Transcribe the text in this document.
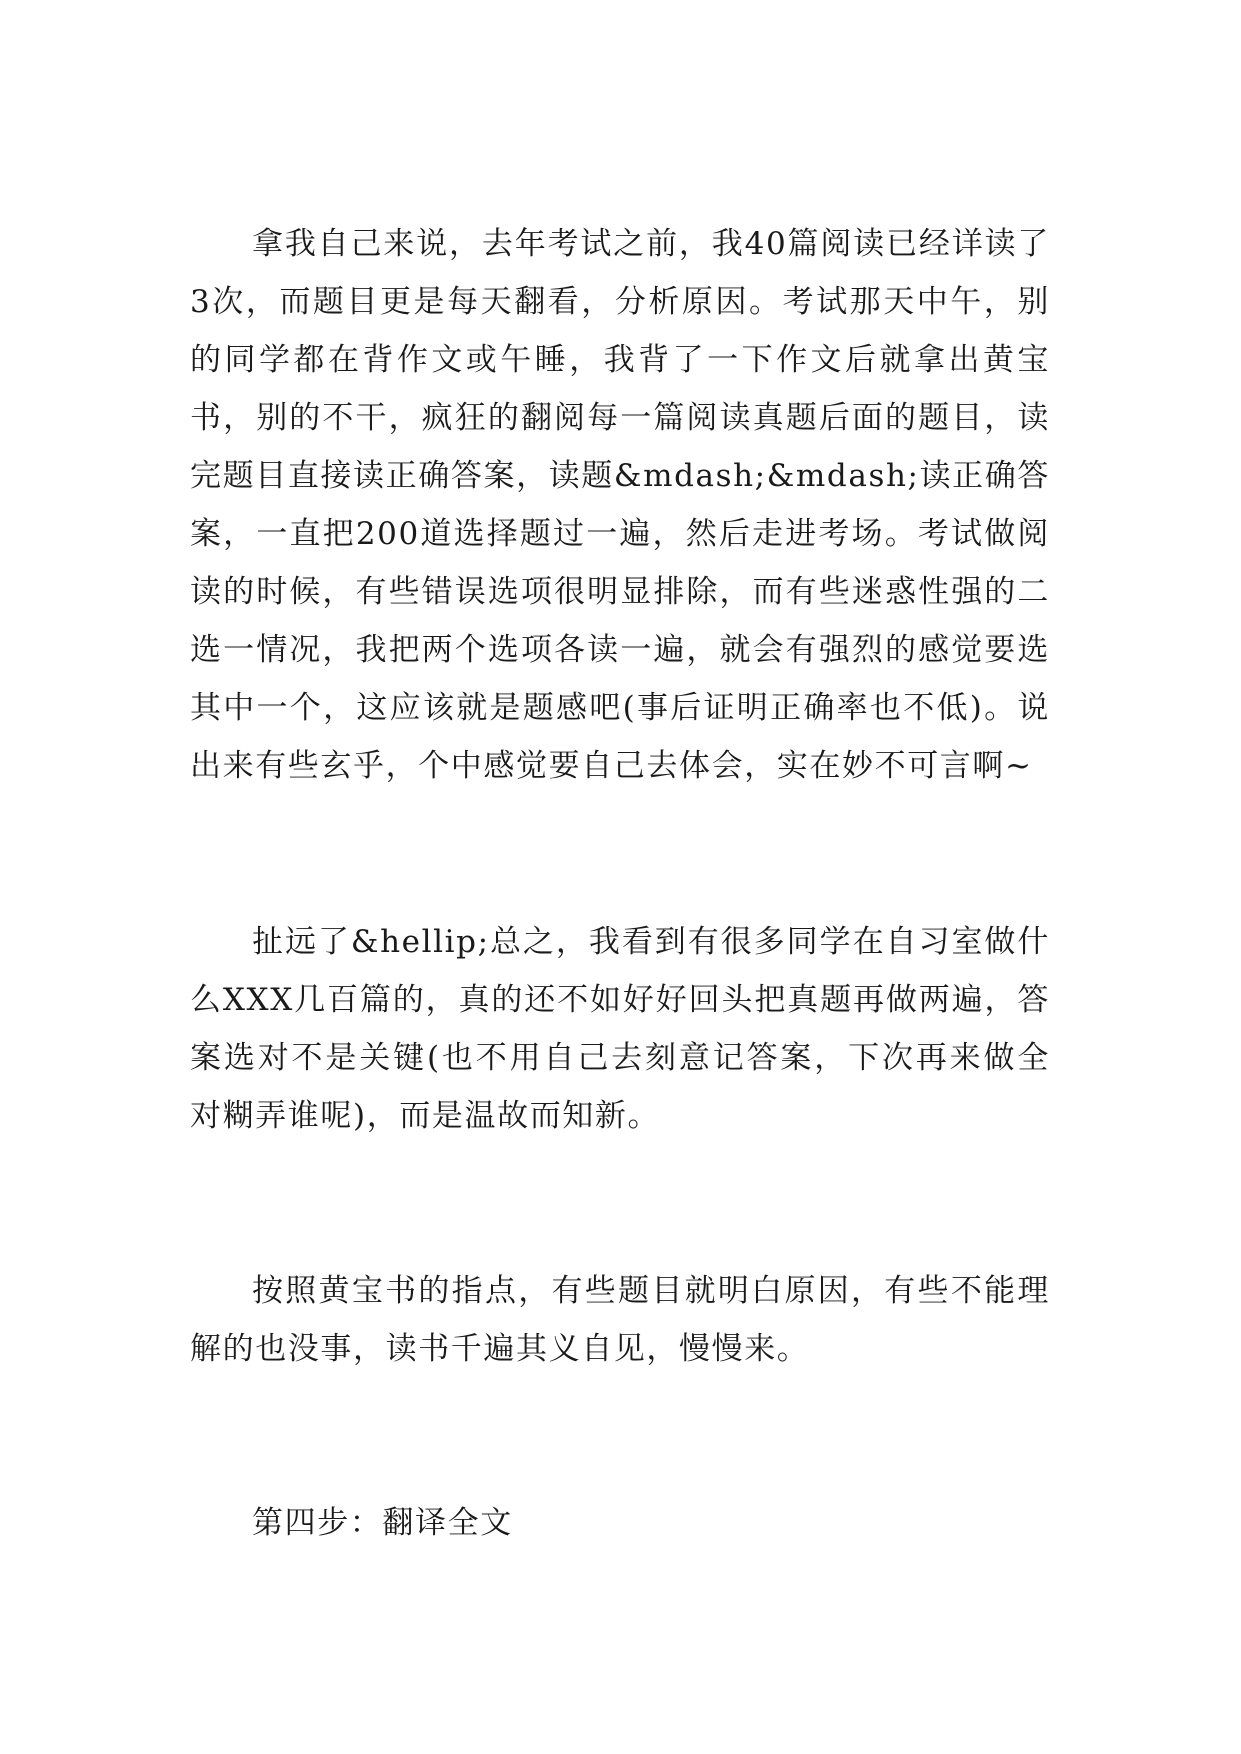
拿我自己来说，去年考试之前，我40篇阅读已经详读了3次，而题目更是每天翻看，分析原因。考试那天中午，别的同学都在背作文或午睡，我背了一下作文后就拿出黄宝书，别的不干，疯狂的翻阅每一篇阅读真题后面的题目，读完题目直接读正确答案，读题&mdash;&mdash;读正确答案，一直把200道选择题过一遍，然后走进考场。考试做阅读的时候，有些错误选项很明显排除，而有些迷惑性强的二选一情况，我把两个选项各读一遍，就会有强烈的感觉要选其中一个，这应该就是题感吧(事后证明正确率也不低)。说出来有些玄乎，个中感觉要自己去体会，实在妙不可言啊~

扯远了&hellip;总之，我看到有很多同学在自习室做什么XXX几百篇的，真的还不如好好回头把真题再做两遍，答案选对不是关键(也不用自己去刻意记答案，下次再来做全对糊弄谁呢)，而是温故而知新。

按照黄宝书的指点，有些题目就明白原因，有些不能理解的也没事，读书千遍其义自见，慢慢来。

第四步：翻译全文
